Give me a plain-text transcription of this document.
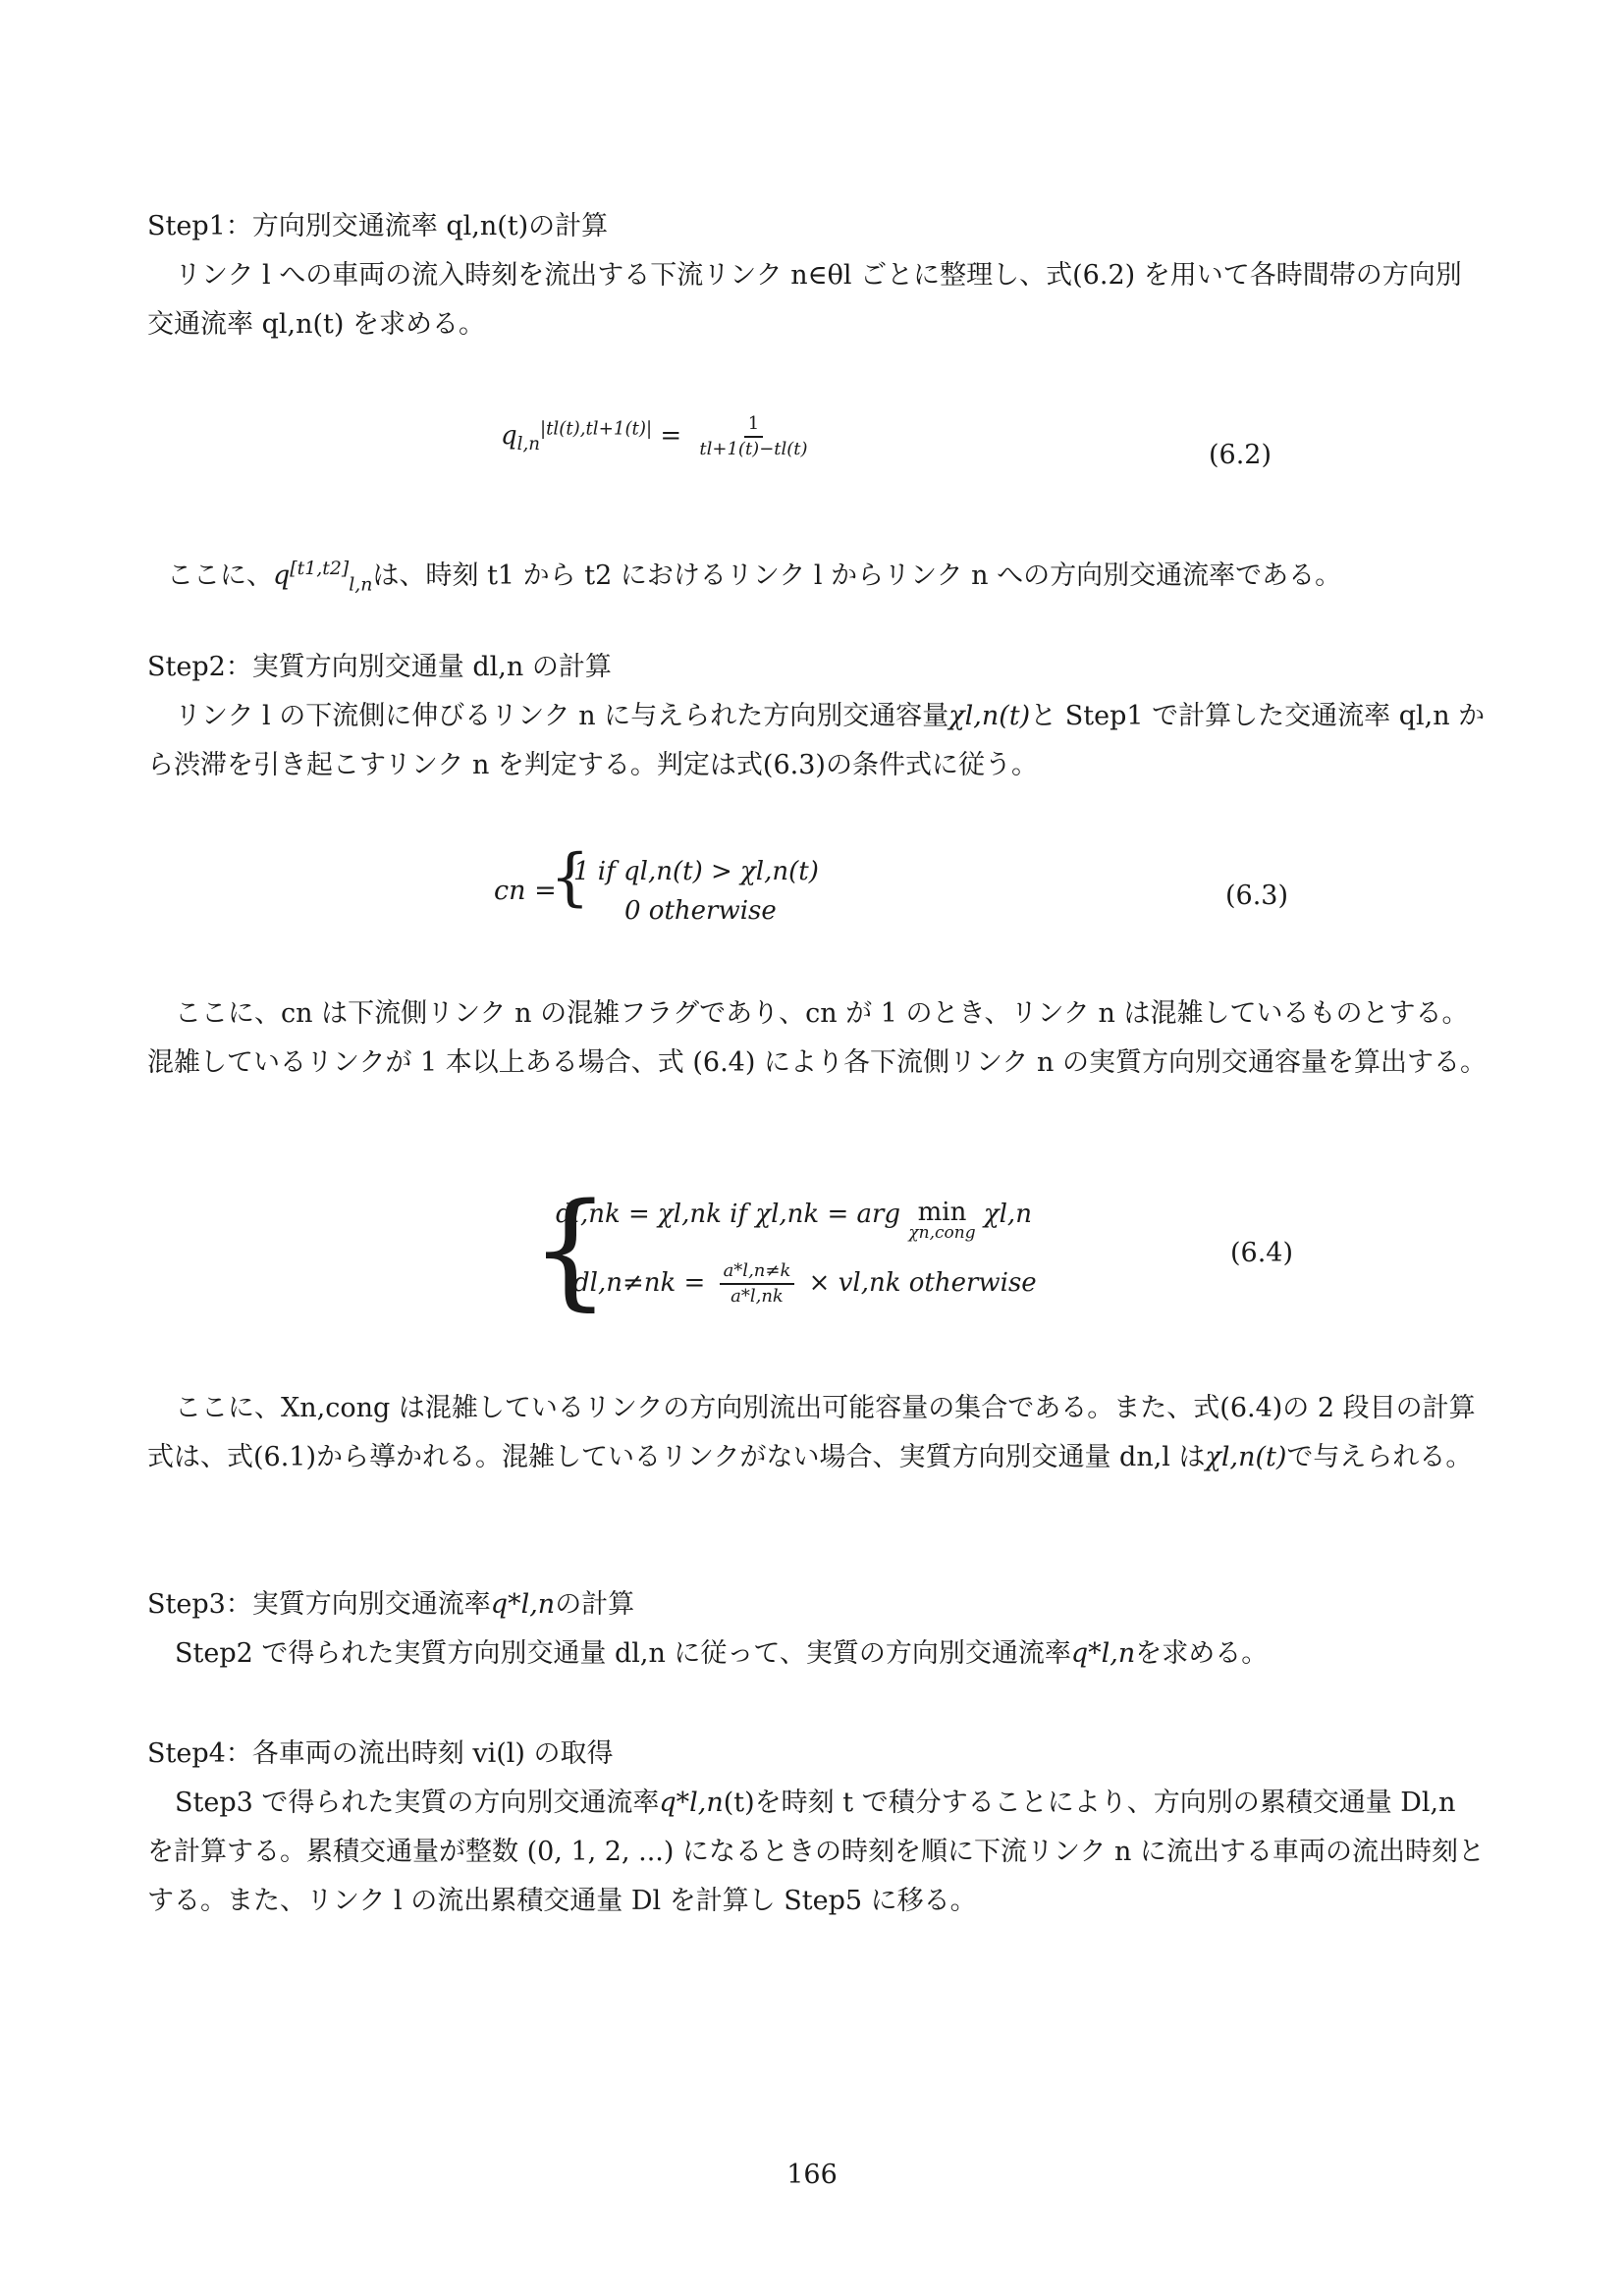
Step1：方向別交通流率 ql,n(t)の計算
リンク l への車両の流入時刻を流出する下流リンク n∈θl ごとに整理し、式(6.2) を用いて各時間帯の方向別交通流率 ql,n(t) を求める。
$q_{l,n}^{|tl(t),tl+1(t)|} = \frac{1}{tl+1(t)-tl(t)}$	(6.2)
ここに、$q[t1,t2]_{l,n}$は、時刻 t1 から t2 におけるリンク l からリンク n への方向別交通流率である。
Step2：実質方向別交通量 dl,n の計算
リンク l の下流側に伸びるリンク n に与えられた方向別交通容量χl,n(t)と Step1 で計算した交通流率 ql,n から渋滞を引き起こすリンク n を判定する。判定は式(6.3)の条件式に従う。
cn =
{
1 if ql,n(t) > χl,n(t)
0 otherwise	(6.3)
ここに、cn は下流側リンク n の混雑フラグであり、cn が 1 のとき、リンク n は混雑しているものとする。混雑しているリンクが 1 本以上ある場合、式 (6.4) により各下流側リンク n の実質方向別交通容量を算出する。
{
dl,nk = χl,nk if χl,nk = arg min
χn,cong
χl,n
$dl,n\ne nk = \frac{a*l,n\ne k}{a*l,nk} \times vl,nk$ otherwise
(6.4)
ここに、Xn,cong は混雑しているリンクの方向別流出可能容量の集合である。また、式(6.4)の 2 段目の計算式は、式(6.1)から導かれる。混雑しているリンクがない場合、実質方向別交通量 dn,l はχl,n(t)で与えられる。
Step3：実質方向別交通流率q*l,nの計算
Step2 で得られた実質方向別交通量 dl,n に従って、実質の方向別交通流率q*l,nを求める。
Step4：各車両の流出時刻 vi(l) の取得
Step3 で得られた実質の方向別交通流率q*l,n(t)を時刻 t で積分することにより、方向別の累積交通量 Dl,n を計算する。累積交通量が整数 (0, 1, 2, ...) になるときの時刻を順に下流リンク n に流出する車両の流出時刻とする。また、リンク l の流出累積交通量 Dl を計算し Step5 に移る。
166
